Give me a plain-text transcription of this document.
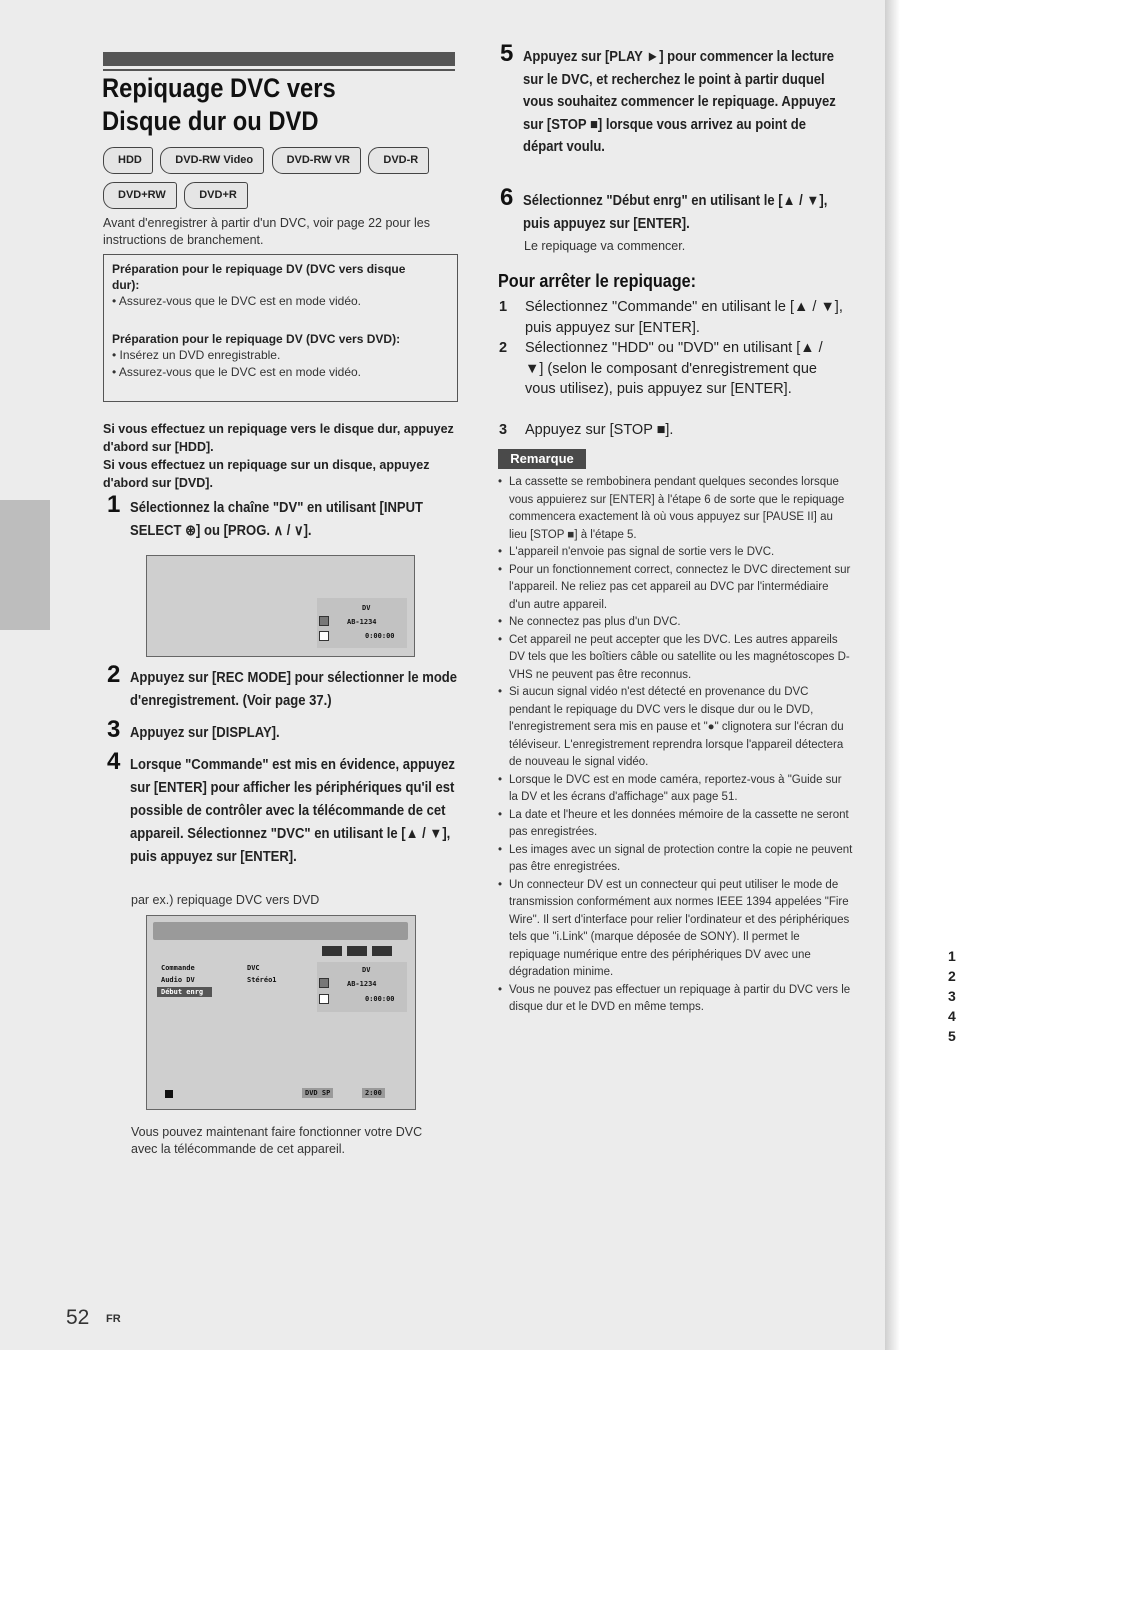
Repiquage DVC vers Disque dur ou DVD
HDD	DVD-RW Video	DVD-RW VR	DVD-R DVD+RW	DVD+R

Avant d'enregistrer à partir d'un DVC, voir page 22 pour les instructions de branchement.

Préparation pour le repiquage DV (DVC vers disque dur):
• Assurez-vous que le DVC est en mode vidéo.
Préparation pour le repiquage DV (DVC vers DVD):
• Insérez un DVD enregistrable.
• Assurez-vous que le DVC est en mode vidéo.

Si vous effectuez un repiquage vers le disque dur, appuyez d'abord sur [HDD].

Si vous effectuez un repiquage sur un disque, appuyez d'abord sur [DVD].

1 Sélectionnez la chaîne "DV" en utilisant [INPUT SELECT ⊛] ou [PROG. ∧ / ∨].
DV
AB-1234
0:00:00
2 Appuyez sur [REC MODE] pour sélectionner le mode d'enregistrement. (Voir page 37.)
3 Appuyez sur [DISPLAY].
4 Lorsque "Commande" est mis en évidence, appuyez sur [ENTER] pour afficher les périphériques qu'il est possible de contrôler avec la télécommande de cet appareil. Sélectionnez "DVC" en utilisant le [▲ / ▼], puis appuyez sur [ENTER].

par ex.) repiquage DVC vers DVD

Commande	DVC
Audio DV	Stéréo1
Début enrg
DV
AB-1234
0:00:00
DVD SP	2:00

Vous pouvez maintenant faire fonctionner votre DVC avec la télécommande de cet appareil.

5 Appuyez sur [PLAY ►] pour commencer la lecture sur le DVC, et recherchez le point à partir duquel vous souhaitez commencer le repiquage. Appuyez sur [STOP ■] lorsque vous arrivez au point de départ voulu.
6 Sélectionnez "Début enrg" en utilisant le [▲ / ▼], puis appuyez sur [ENTER].

Le repiquage va commencer.

Pour arrêter le repiquage:
1 Sélectionnez "Commande" en utilisant le [▲ / ▼], puis appuyez sur [ENTER].
2 Sélectionnez "HDD" ou "DVD" en utilisant [▲ / ▼] (selon le composant d'enregistrement que vous utilisez), puis appuyez sur [ENTER].
3 Appuyez sur [STOP ■].
Remarque

• La cassette se rembobinera pendant quelques secondes lorsque vous appuierez sur [ENTER] à l'étape 6 de sorte que le repiquage commencera exactement là où vous appuyez sur [PAUSE II] au lieu [STOP ■] à l'étape 5.

• L'appareil n'envoie pas signal de sortie vers le DVC.

• Pour un fonctionnement correct, connectez le DVC directement sur l'appareil. Ne reliez pas cet appareil au DVC par l'intermédiaire d'un autre appareil.

• Ne connectez pas plus d'un DVC.

• Cet appareil ne peut accepter que les DVC. Les autres appareils DV tels que les boîtiers câble ou satellite ou les magnétoscopes D-VHS ne peuvent pas être reconnus.

• Si aucun signal vidéo n'est détecté en provenance du DVC pendant le repiquage du DVC vers le disque dur ou le DVD, l'enregistrement sera mis en pause et "●" clignotera sur l'écran du téléviseur. L'enregistrement reprendra lorsque l'appareil détectera de nouveau le signal vidéo.

• Lorsque le DVC est en mode caméra, reportez-vous à "Guide sur la DV et les écrans d'affichage" aux page 51.

• La date et l'heure et les données mémoire de la cassette ne seront pas enregistrées.

• Les images avec un signal de protection contre la copie ne peuvent pas être enregistrées.

• Un connecteur DV est un connecteur qui peut utiliser le mode de transmission conformément aux normes IEEE 1394 appelées "Fire Wire". Il sert d'interface pour relier l'ordinateur et des périphériques tels que "i.Link" (marque déposée de SONY). Il permet le repiquage numérique entre des périphériques DV avec une dégradation minime.

• Vous ne pouvez pas effectuer un repiquage à partir du DVC vers le disque dur et le DVD en même temps.

1
2
3
4
5
52 FR
